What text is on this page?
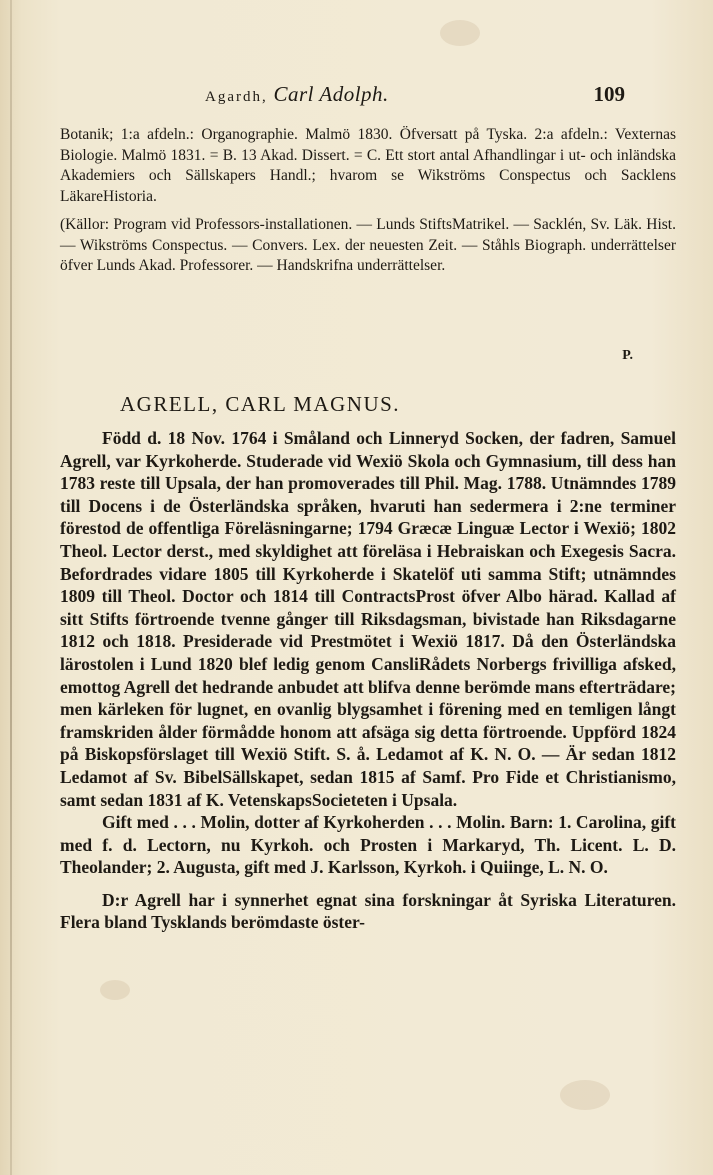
Agardh, Carl Adolph.	109

Botanik; 1:a afdeln.: Organographie. Malmö 1830. Öfversatt på Tyska. 2:a afdeln.: Vexternas Biologie. Malmö 1831. = B. 13 Akad. Dissert. = C. Ett stort antal Afhandlingar i ut- och inländska Akademiers och Sällskapers Handl.; hvarom se Wikströms Conspectus och Sacklens LäkareHistoria.

(Källor: Program vid Professors-installationen. — Lunds StiftsMatrikel. — Sacklén, Sv. Läk. Hist. — Wikströms Conspectus. — Convers. Lex. der neuesten Zeit. — Ståhls Biograph. underrättelser öfver Lunds Akad. Professorer. — Handskrifna underrättelser.

P.
AGRELL, CARL MAGNUS.

Född d. 18 Nov. 1764 i Småland och Linneryd Socken, der fadren, Samuel Agrell, var Kyrkoherde. Studerade vid Wexiö Skola och Gymnasium, till dess han 1783 reste till Upsala, der han promoverades till Phil. Mag. 1788. Utnämndes 1789 till Docens i de Österländska språken, hvaruti han sedermera i 2:ne terminer förestod de offentliga Föreläsningarne; 1794 Græcæ Linguæ Lector i Wexiö; 1802 Theol. Lector derst., med skyldighet att föreläsa i Hebraiskan och Exegesis Sacra. Befordrades vidare 1805 till Kyrkoherde i Skatelöf uti samma Stift; utnämndes 1809 till Theol. Doctor och 1814 till ContractsProst öfver Albo härad. Kallad af sitt Stifts förtroende tvenne gånger till Riksdagsman, bivistade han Riksdagarne 1812 och 1818. Presiderade vid Prestmötet i Wexiö 1817. Då den Österländska lärostolen i Lund 1820 blef ledig genom CansliRådets Norbergs frivilliga afsked, emottog Agrell det hedrande anbudet att blifva denne berömde mans efterträdare; men kärleken för lugnet, en ovanlig blygsamhet i förening med en temligen långt framskriden ålder förmådde honom att afsäga sig detta förtroende. Uppförd 1824 på Biskopsförslaget till Wexiö Stift. S. å. Ledamot af K. N. O. — Är sedan 1812 Ledamot af Sv. BibelSällskapet, sedan 1815 af Samf. Pro Fide et Christianismo, samt sedan 1831 af K. VetenskapsSocieteten i Upsala.

Gift med . . . Molin, dotter af Kyrkoherden . . . Molin. Barn: 1. Carolina, gift med f. d. Lectorn, nu Kyrkoh. och Prosten i Markaryd, Th. Licent. L. D. Theolander; 2. Augusta, gift med J. Karlsson, Kyrkoh. i Quiinge, L. N. O.

D:r Agrell har i synnerhet egnat sina forskningar åt Syriska Literaturen. Flera bland Tysklands berömdaste öster-
